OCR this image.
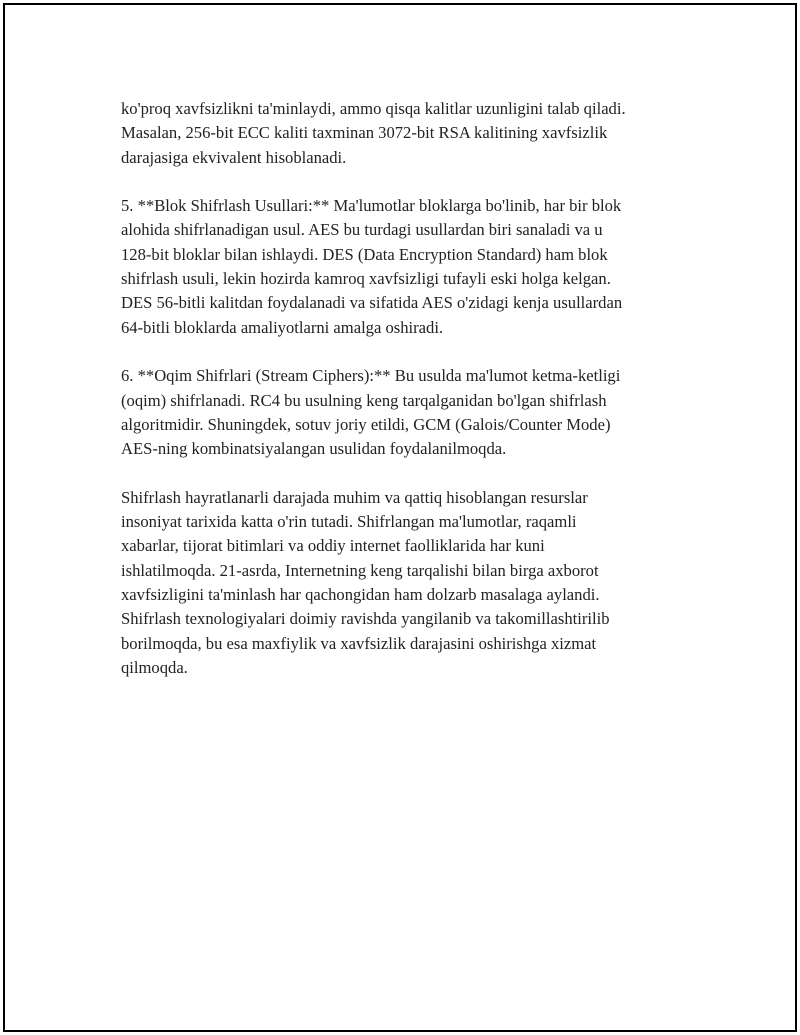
ko'proq xavfsizlikni ta'minlaydi, ammo qisqa kalitlar uzunligini talab qiladi.
Masalan, 256-bit ECC kaliti taxminan 3072-bit RSA kalitining xavfsizlik
darajasiga ekvivalent hisoblanadi.

5. **Blok Shifrlash Usullari:** Ma'lumotlar bloklarga bo'linib, har bir blok
alohida shifrlanadigan usul. AES bu turdagi usullardan biri sanaladi va u
128-bit bloklar bilan ishlaydi. DES (Data Encryption Standard) ham blok
shifrlash usuli, lekin hozirda kamroq xavfsizligi tufayli eski holga kelgan.
DES 56-bitli kalitdan foydalanadi va sifatida AES o'zidagi kenja usullardan
64-bitli bloklarda amaliyotlarni amalga oshiradi.

6. **Oqim Shifrlari (Stream Ciphers):** Bu usulda ma'lumot ketma-ketligi
(oqim) shifrlanadi. RC4 bu usulning keng tarqalganidan bo'lgan shifrlash
algoritmidir. Shuningdek, sotuv joriy etildi, GCM (Galois/Counter Mode)
AES-ning kombinatsiyalangan usulidan foydalanilmoqda.

Shifrlash hayratlanarli darajada muhim va qattiq hisoblangan resurslar
insoniyat tarixida katta o'rin tutadi. Shifrlangan ma'lumotlar, raqamli
xabarlar, tijorat bitimlari va oddiy internet faolliklarida har kuni
ishlatilmoqda. 21-asrda, Internetning keng tarqalishi bilan birga axborot
xavfsizligini ta'minlash har qachongidan ham dolzarb masalaga aylandi.
Shifrlash texnologiyalari doimiy ravishda yangilanib va takomillashtirilib
borilmoqda, bu esa maxfiylik va xavfsizlik darajasini oshirishga xizmat
qilmoqda.
